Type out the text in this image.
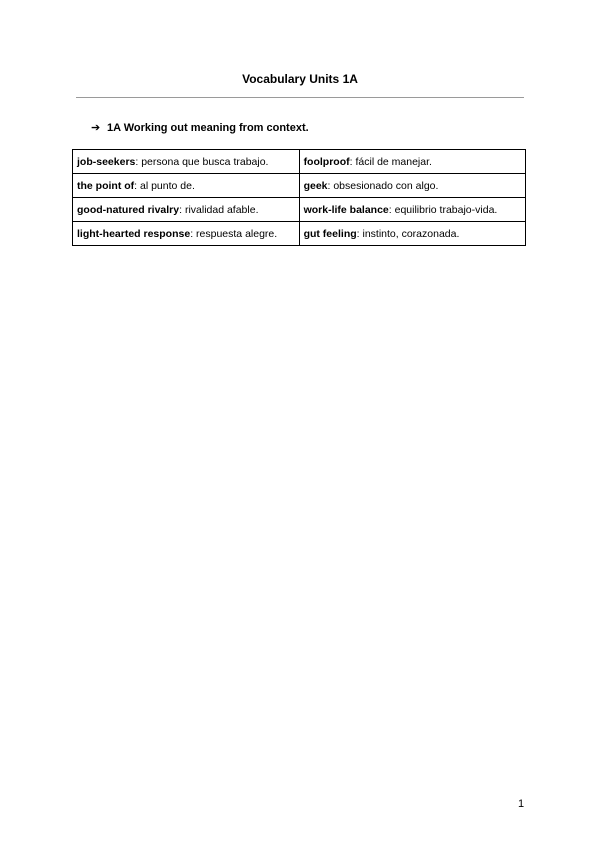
Vocabulary Units 1A
➔ 1A Working out meaning from context.
job-seekers: persona que busca trabajo.	foolproof: fácil de manejar.
the point of: al punto de.	geek: obsesionado con algo.
good-natured rivalry: rivalidad afable.	work-life balance: equilibrio trabajo-vida.
light-hearted response: respuesta alegre.	gut feeling: instinto, corazonada.
1
